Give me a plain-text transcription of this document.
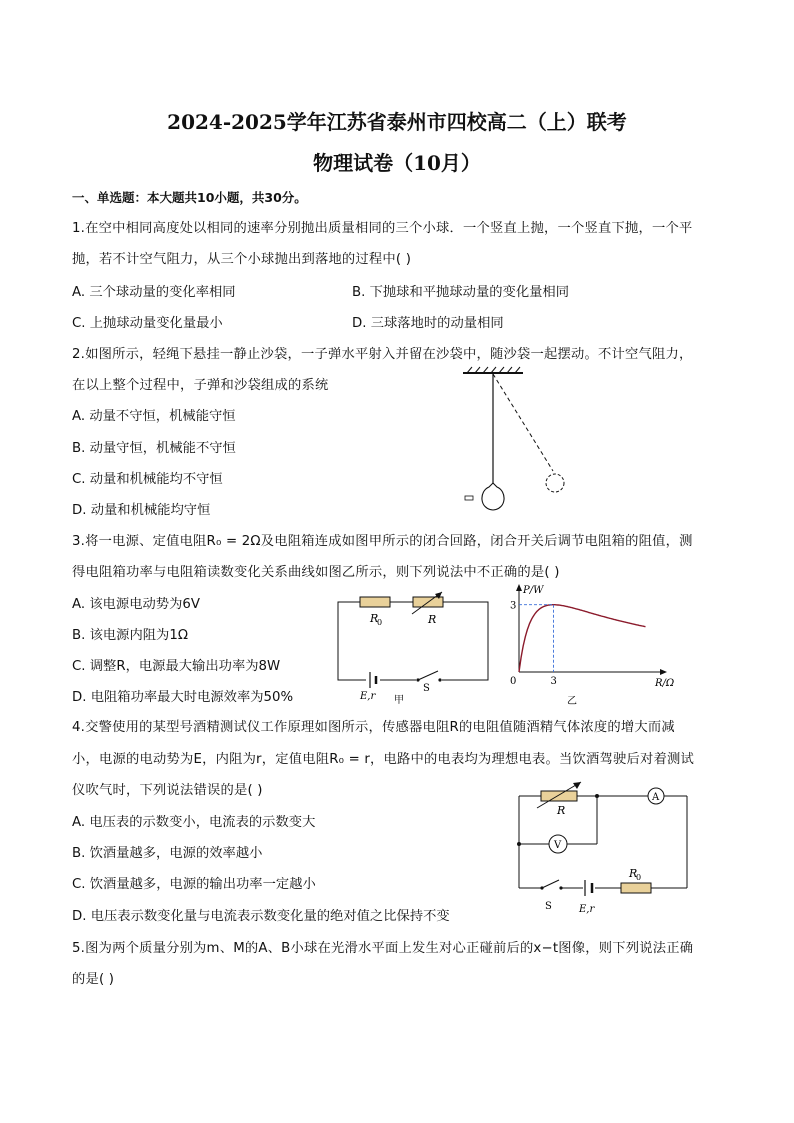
2024-2025学年江苏省泰州市四校高二（上）联考
物理试卷（10月）
一、单选题：本大题共10小题，共30分。
1.在空中相同高度处以相同的速率分别抛出质量相同的三个小球．一个竖直上抛，一个竖直下抛，一个平
抛，若不计空气阻力，从三个小球抛出到落地的过程中( )
A. 三个球动量的变化率相同	B. 下抛球和平抛球动量的变化量相同
C. 上抛球动量变化量最小	D. 三球落地时的动量相同
2.如图所示，轻绳下悬挂一静止沙袋，一子弹水平射入并留在沙袋中，随沙袋一起摆动。不计空气阻力，
在以上整个过程中，子弹和沙袋组成的系统
A. 动量不守恒，机械能守恒
B. 动量守恒，机械能不守恒
C. 动量和机械能均不守恒
D. 动量和机械能均守恒
3.将一电源、定值电阻R₀ = 2Ω及电阻箱连成如图甲所示的闭合回路，闭合开关后调节电阻箱的阻值，测
得电阻箱功率与电阻箱读数变化关系曲线如图乙所示，则下列说法中不正确的是( )
A. 该电源电动势为6V
B. 该电源内阻为1Ω
C. 调整R，电源最大输出功率为8W
D. 电阻箱功率最大时电源效率为50%
R
0	R
E,r
S
甲
P/W
R/Ω
0
3
3
乙
4.交警使用的某型号酒精测试仪工作原理如图所示，传感器电阻R的电阻值随酒精气体浓度的增大而减
小，电源的电动势为E，内阻为r，定值电阻R₀ = r，电路中的电表均为理想电表。当饮酒驾驶后对着测试
仪吹气时，下列说法错误的是( )
A. 电压表的示数变小，电流表的示数变大
B. 饮酒量越多，电源的效率越小
C. 饮酒量越多，电源的输出功率一定越小
D. 电压表示数变化量与电流表示数变化量的绝对值之比保持不变
R
A
V
S	E,r
R
0
5.图为两个质量分别为m、M的A、B小球在光滑水平面上发生对心正碰前后的x−t图像，则下列说法正确
的是( )
